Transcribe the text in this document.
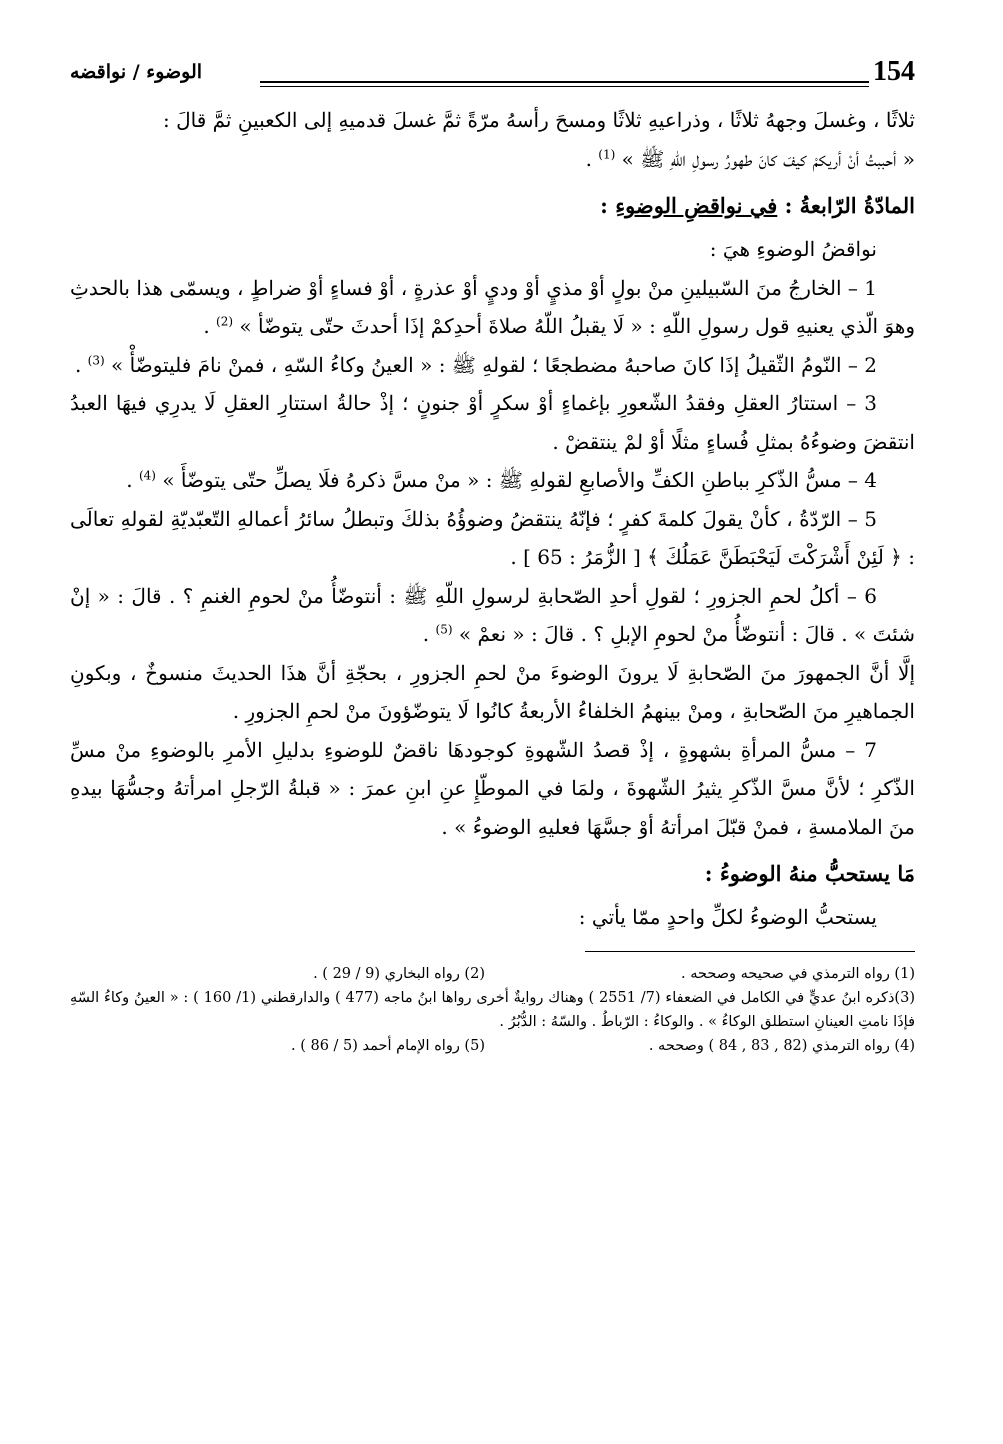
154
الوضوء / نواقضه

ثلاثًا ، وغسلَ وجههُ ثلاثًا ، وذراعيهِ ثلاثًا ومسحَ رأسهُ مرّةً ثمَّ غسلَ قدميهِ إلى الكعبينِ ثمَّ قالَ :
« أحببتُ أنْ أريكمْ كيفَ كانَ طهورُ رسولِ اللّهِ ﷺ » $^{(1)}$ .

المادّةُ الرّابعةُ : في نواقضِ الوضوءِ :

نواقضُ الوضوءِ هيَ :

1 – الخارجُ منَ السّبيلينِ منْ بولٍ أوْ مذيٍ أوْ وديٍ أوْ عذرةٍ ، أوْ فساءٍ أوْ ضراطٍ ، ويسمّى هذا بالحدثِ وهوَ الّذي يعنيهِ قول رسولِ اللّهِ : « لَا يقبلُ اللّهُ صلاةَ أحدِكمْ إذَا أحدثَ حتّى يتوضّأ » $^{(2)}$ .

2 – النّومُ الثّقيلُ إذَا كانَ صاحبهُ مضطجعًا ؛ لقولهِ ﷺ : « العينُ وكاءُ السّهِ ، فمنْ نامَ فليتوضّأْ » $^{(3)}$ .

3 – استتارُ العقلِ وفقدُ الشّعورِ بإغماءٍ أوْ سكرٍ أوْ جنونٍ ؛ إذْ حالةُ استتارِ العقلِ لَا يدرِي فيهَا العبدُ انتقضَ وضوءُهُ بمثلِ فُساءٍ مثلًا أوْ لمْ ينتقضْ .

4 – مسُّ الذّكرِ بباطنِ الكفِّ والأصابعِ لقولهِ ﷺ : « منْ مسَّ ذكرهُ فلَا يصلِّ حتّى يتوضّأَ » $^{(4)}$ .

5 – الرّدّةُ ، كأنْ يقولَ كلمةَ كفرٍ ؛ فإنّهُ ينتقضُ وضوؤُهُ بذلكَ وتبطلُ سائرُ أعمالهِ التّعبّديّةِ لقولهِ تعالَى : ﴿ لَئِنْ أَشْرَكْتَ لَيَحْبَطَنَّ عَمَلُكَ ﴾ [ الزُّمَرُ : 65 ] .

6 – أكلُ لحمِ الجزورِ ؛ لقولِ أحدِ الصّحابةِ لرسولِ اللّهِ ﷺ : أنتوضّأُ منْ لحومِ الغنمِ ؟ . قالَ : « إنْ شئتَ » . قالَ : أنتوضّأُ منْ لحومِ الإبلِ ؟ . قالَ : « نعمْ » $^{(5)}$ .

إلَّا أنَّ الجمهورَ منَ الصّحابةِ لَا يرونَ الوضوءَ منْ لحمِ الجزورِ ، بحجّةِ أنَّ هذَا الحديثَ منسوخٌ ، وبكونِ الجماهيرِ منَ الصّحابةِ ، ومنْ بينهمُ الخلفاءُ الأربعةُ كانُوا لَا يتوضّؤونَ منْ لحمِ الجزورِ .

7 – مسُّ المرأةِ بشهوةٍ ، إذْ قصدُ الشّهوةِ كوجودهَا ناقضٌ للوضوءِ بدليلِ الأمرِ بالوضوءِ منْ مسِّ الذّكرِ ؛ لأنَّ مسَّ الذّكرِ يثيرُ الشّهوةَ ، ولمَا في الموطّإِ عنِ ابنِ عمرَ : « قبلةُ الرّجلِ امرأتهُ وجسُّهَا بيدهِ منَ الملامسةِ ، فمنْ قبّلَ امرأتهُ أوْ جسَّهَا فعليهِ الوضوءُ » .

مَا يستحبُّ منهُ الوضوءُ :

يستحبُّ الوضوءُ لكلِّ واحدٍ ممّا يأتي :

(1) رواه الترمذي في صحيحه وصححه .
(2) رواه البخاري (9 / 29 ) .

(3)ذكره ابنُ عديٍّ في الكامل في الضعفاء (7/ 2551 ) وهناك روايةٌ أخرى رواها ابنُ ماجه (477 ) والدارقطني (1/ 160 ) : « العينُ وكاءُ السّهِ فإذَا نامتِ العينانِ استطلق الوكاءُ » . والوكاءُ : الرّباطُ . والسّهُ : الدُّبُرُ .

(4) رواه الترمذي (82 , 83 , 84 ) وصححه .
(5) رواه الإمام أحمد (5 / 86 ) .
